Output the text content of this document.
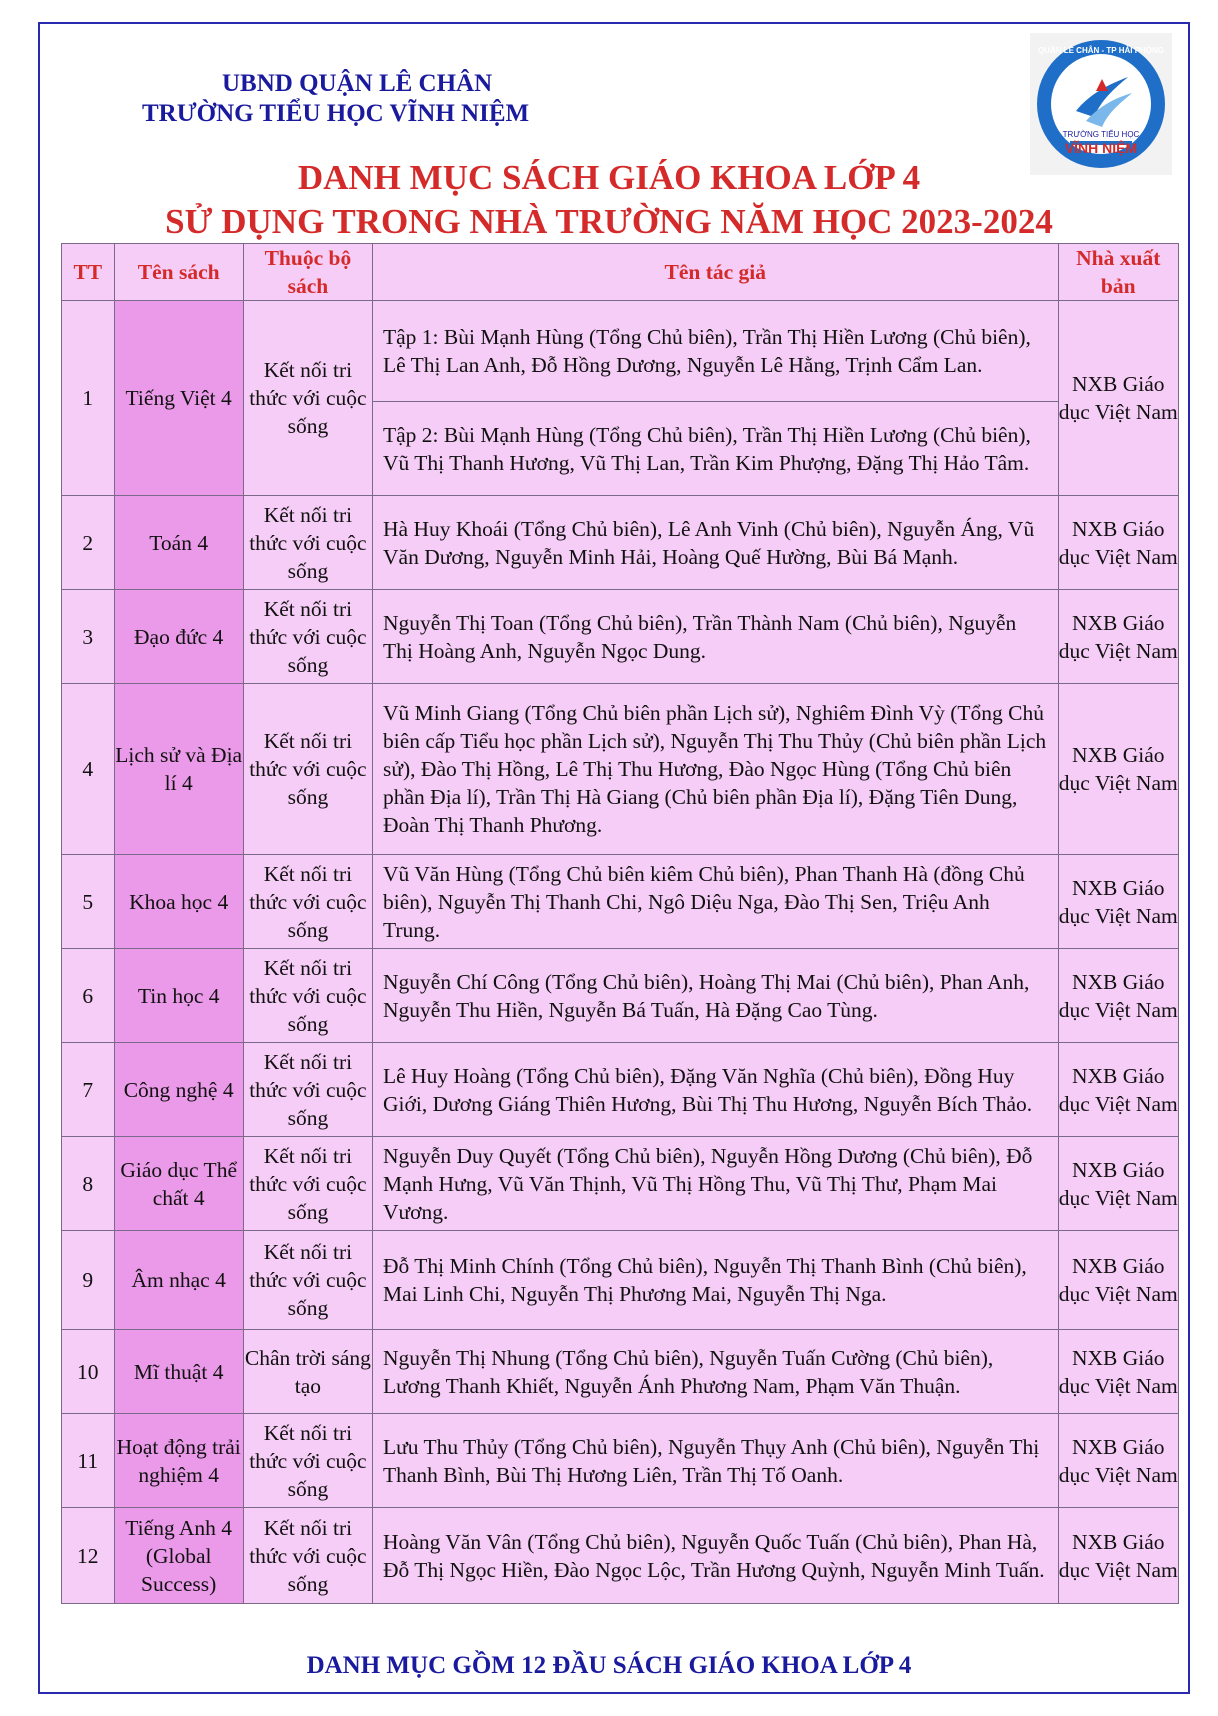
UBND QUẬN LÊ CHÂN
TRƯỜNG TIỂU HỌC VĨNH NIỆM
TRƯỜNG TIỂU HỌC
VĨNH NIỆM
QUẬN LÊ CHÂN - TP HẢI PHÒNG
DANH MỤC SÁCH GIÁO KHOA LỚP 4
SỬ DỤNG TRONG NHÀ TRƯỜNG NĂM HỌC 2023-2024
TT	Tên sách	Thuộc bộ sách	Tên tác giả	Nhà xuất bản
1	Tiếng Việt 4	Kết nối tri thức với cuộc sống	Tập 1: Bùi Mạnh Hùng (Tổng Chủ biên), Trần Thị Hiền Lương (Chủ biên), Lê Thị Lan Anh, Đỗ Hồng Dương, Nguyễn Lê Hằng, Trịnh Cẩm Lan.	NXB Giáo dục Việt Nam
			Tập 2: Bùi Mạnh Hùng (Tổng Chủ biên), Trần Thị Hiền Lương (Chủ biên), Vũ Thị Thanh Hương, Vũ Thị Lan, Trần Kim Phượng, Đặng Thị Hảo Tâm.	
2	Toán 4	Kết nối tri thức với cuộc sống	Hà Huy Khoái (Tổng Chủ biên), Lê Anh Vinh (Chủ biên), Nguyễn Áng, Vũ Văn Dương, Nguyễn Minh Hải, Hoàng Quế Hường, Bùi Bá Mạnh.	NXB Giáo dục Việt Nam
3	Đạo đức 4	Kết nối tri thức với cuộc sống	Nguyễn Thị Toan (Tổng Chủ biên), Trần Thành Nam (Chủ biên), Nguyễn Thị Hoàng Anh, Nguyễn Ngọc Dung.	NXB Giáo dục Việt Nam
4	Lịch sử và Địa lí 4	Kết nối tri thức với cuộc sống	Vũ Minh Giang (Tổng Chủ biên phần Lịch sử), Nghiêm Đình Vỳ (Tổng Chủ biên cấp Tiểu học phần Lịch sử), Nguyễn Thị Thu Thủy (Chủ biên phần Lịch sử), Đào Thị Hồng, Lê Thị Thu Hương, Đào Ngọc Hùng (Tổng Chủ biên phần Địa lí), Trần Thị Hà Giang (Chủ biên phần Địa lí), Đặng Tiên Dung, Đoàn Thị Thanh Phương.	NXB Giáo dục Việt Nam
5	Khoa học 4	Kết nối tri thức với cuộc sống	Vũ Văn Hùng (Tổng Chủ biên kiêm Chủ biên), Phan Thanh Hà (đồng Chủ biên), Nguyễn Thị Thanh Chi, Ngô Diệu Nga, Đào Thị Sen, Triệu Anh Trung.	NXB Giáo dục Việt Nam
6	Tin học 4	Kết nối tri thức với cuộc sống	Nguyễn Chí Công (Tổng Chủ biên), Hoàng Thị Mai (Chủ biên), Phan Anh, Nguyễn Thu Hiền, Nguyễn Bá Tuấn, Hà Đặng Cao Tùng.	NXB Giáo dục Việt Nam
7	Công nghệ 4	Kết nối tri thức với cuộc sống	Lê Huy Hoàng (Tổng Chủ biên), Đặng Văn Nghĩa (Chủ biên), Đồng Huy Giới, Dương Giáng Thiên Hương, Bùi Thị Thu Hương, Nguyễn Bích Thảo.	NXB Giáo dục Việt Nam
8	Giáo dục Thể chất 4	Kết nối tri thức với cuộc sống	Nguyễn Duy Quyết (Tổng Chủ biên), Nguyễn Hồng Dương (Chủ biên), Đỗ Mạnh Hưng, Vũ Văn Thịnh, Vũ Thị Hồng Thu, Vũ Thị Thư, Phạm Mai Vương.	NXB Giáo dục Việt Nam
9	Âm nhạc 4	Kết nối tri thức với cuộc sống	Đỗ Thị Minh Chính (Tổng Chủ biên), Nguyễn Thị Thanh Bình (Chủ biên), Mai Linh Chi, Nguyễn Thị Phương Mai, Nguyễn Thị Nga.	NXB Giáo dục Việt Nam
10	Mĩ thuật 4	Chân trời sáng tạo	Nguyễn Thị Nhung (Tổng Chủ biên), Nguyễn Tuấn Cường (Chủ biên), Lương Thanh Khiết, Nguyễn Ánh Phương Nam, Phạm Văn Thuận.	NXB Giáo dục Việt Nam
11	Hoạt động trải nghiệm 4	Kết nối tri thức với cuộc sống	Lưu Thu Thủy (Tổng Chủ biên), Nguyễn Thụy Anh (Chủ biên), Nguyễn Thị Thanh Bình, Bùi Thị Hương Liên, Trần Thị Tố Oanh.	NXB Giáo dục Việt Nam
12	Tiếng Anh 4 (Global Success)	Kết nối tri thức với cuộc sống	Hoàng Văn Vân (Tổng Chủ biên), Nguyễn Quốc Tuấn (Chủ biên), Phan Hà, Đỗ Thị Ngọc Hiền, Đào Ngọc Lộc, Trần Hương Quỳnh, Nguyễn Minh Tuấn.	NXB Giáo dục Việt Nam
DANH MỤC GỒM 12 ĐẦU SÁCH GIÁO KHOA LỚP 4
